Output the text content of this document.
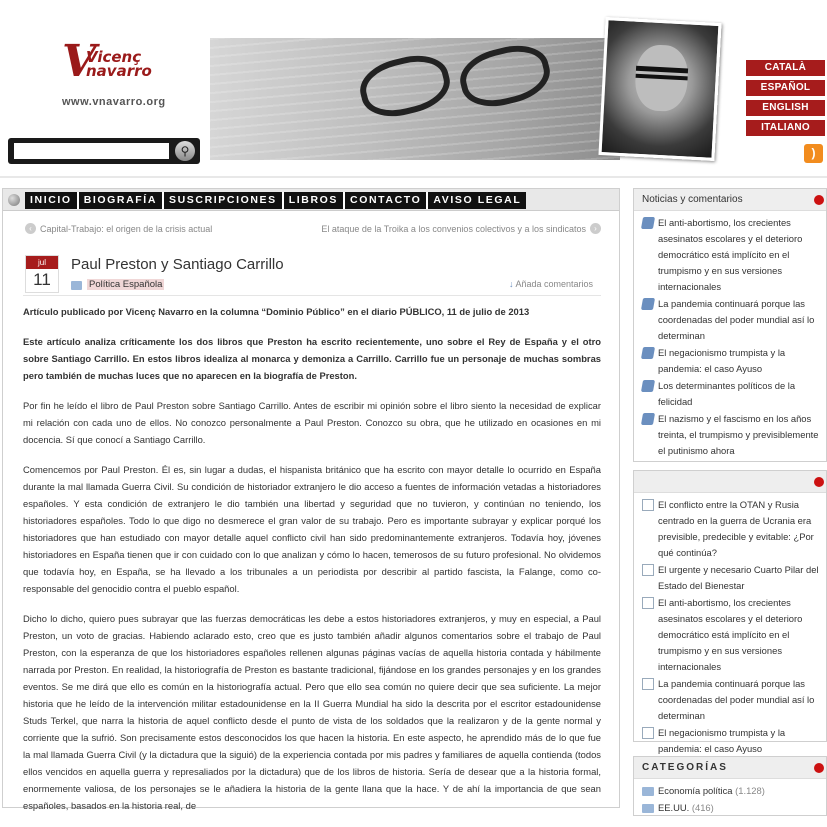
V
Vicenç
navarro
www.vnavarro.org
⚲
CATALÀ
ESPAÑOL
ENGLISH
ITALIANO
)
INICIO	BIOGRAFÍA	SUSCRIPCIONES	LIBROS	CONTACTO	AVISO LEGAL
‹ Capital-Trabajo: el origen de la crisis actual	El ataque de la Troika a los convenios colectivos y a los sindicatos	›
jul
11
Paul Preston y Santiago Carrillo
Política Española	↓ Añada comentarios

Artículo publicado por Vicenç Navarro en la columna “Dominio Público” en el diario PÚBLICO, 11 de julio de 2013

Este artículo analiza críticamente los dos libros que Preston ha escrito recientemente, uno sobre el Rey de España y el otro sobre Santiago Carrillo. En estos libros idealiza al monarca y demoniza a Carrillo. Carrillo fue un personaje de muchas sombras pero también de muchas luces que no aparecen en la biografía de Preston.

Por fin he leído el libro de Paul Preston sobre Santiago Carrillo. Antes de escribir mi opinión sobre el libro siento la necesidad de explicar mi relación con cada uno de ellos. No conozco personalmente a Paul Preston. Conozco su obra, que he utilizado en ocasiones en mi docencia. Sí que conocí a Santiago Carrillo.

Comencemos por Paul Preston. Él es, sin lugar a dudas, el hispanista británico que ha escrito con mayor detalle lo ocurrido en España durante la mal llamada Guerra Civil. Su condición de historiador extranjero le dio acceso a fuentes de información vetadas a historiadores españoles. Y esta condición de extranjero le dio también una libertad y seguridad que no tuvieron, y continúan no teniendo, los historiadores españoles. Todo lo que digo no desmerece el gran valor de su trabajo. Pero es importante subrayar y explicar porqué los historiadores que han estudiado con mayor detalle aquel conflicto civil han sido predominantemente extranjeros. Todavía hoy, jóvenes historiadores en España tienen que ir con cuidado con lo que analizan y cómo lo hacen, temerosos de su futuro profesional. No olvidemos que todavía hoy, en España, se ha llevado a los tribunales a un periodista por describir al partido fascista, la Falange, como co-responsable del genocidio contra el pueblo español.

Dicho lo dicho, quiero pues subrayar que las fuerzas democráticas les debe a estos historiadores extranjeros, y muy en especial, a Paul Preston, un voto de gracias. Habiendo aclarado esto, creo que es justo también añadir algunos comentarios sobre el trabajo de Paul Preston, con la esperanza de que los historiadores españoles rellenen algunas páginas vacías de aquella historia contada y hábilmente narrada por Preston. En realidad, la historiografía de Preston es bastante tradicional, fijándose en los grandes personajes y en los grandes eventos. Se me dirá que ello es común en la historiografía actual. Pero que ello sea común no quiere decir que sea suficiente. La mejor historia que he leído de la intervención militar estadounidense en la II Guerra Mundial ha sido la descrita por el escritor estadounidense Studs Terkel, que narra la historia de aquel conflicto desde el punto de vista de los soldados que la realizaron y de la gente normal y corriente que la sufrió. Son precisamente estos desconocidos los que hacen la historia. En este aspecto, he aprendido más de lo que fue la mal llamada Guerra Civil (y la dictadura que la siguió) de la experiencia contada por mis padres y familiares de aquella contienda (todos ellos vencidos en aquella guerra y represaliados por la dictadura) que de los libros de historia. Sería de desear que a la historia formal, enormemente valiosa, de los personajes se le añadiera la historia de la gente llana que la hace. Y de ahí la importancia de que sean españoles, basados en la historia real, de

Noticias y comentarios
El anti-abortismo, los crecientes asesinatos escolares y el deterioro democrático está implícito en el trumpismo y en sus versiones internacionales
La pandemia continuará porque las coordenadas del poder mundial así lo determinan
El negacionismo trumpista y la pandemia: el caso Ayuso
Los determinantes políticos de la felicidad
El nazismo y el fascismo en los años treinta, el trumpismo y previsiblemente el putinismo ahora
El conflicto entre la OTAN y Rusia centrado en la guerra de Ucrania era previsible, predecible y evitable: ¿Por qué continúa?
El urgente y necesario Cuarto Pilar del Estado del Bienestar
El anti-abortismo, los crecientes asesinatos escolares y el deterioro democrático está implícito en el trumpismo y en sus versiones internacionales
La pandemia continuará porque las coordenadas del poder mundial así lo determinan
El negacionismo trumpista y la pandemia: el caso Ayuso
CATEGORÍAS
Economía política (1.128)
EE.UU. (416)
